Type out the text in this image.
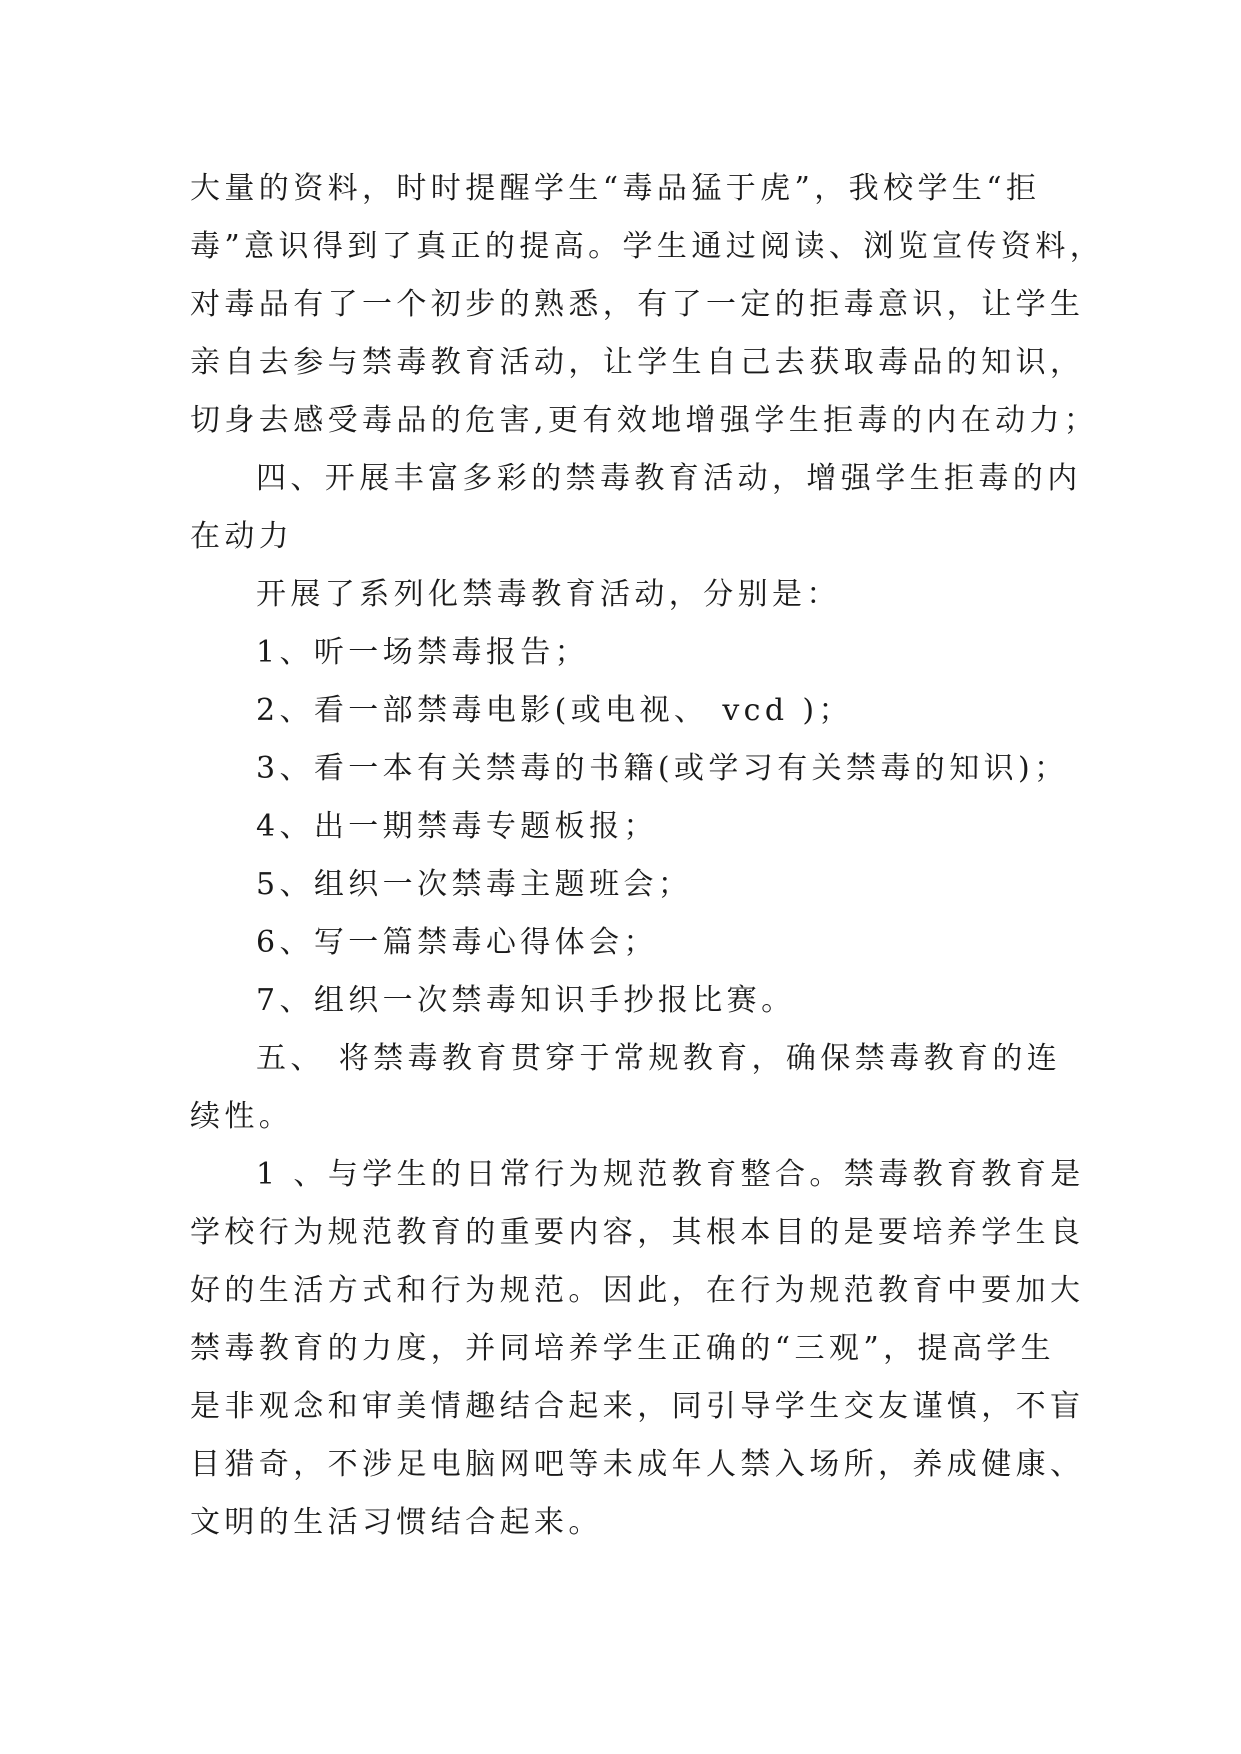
大量的资料，时时提醒学生“毒品猛于虎”，我校学生“拒
毒”意识得到了真正的提高。学生通过阅读、浏览宣传资料，
对毒品有了一个初步的熟悉，有了一定的拒毒意识，让学生
亲自去参与禁毒教育活动，让学生自己去获取毒品的知识，
切身去感受毒品的危害,更有效地增强学生拒毒的内在动力；
四、开展丰富多彩的禁毒教育活动，增强学生拒毒的内
在动力
开展了系列化禁毒教育活动，分别是：
1、听一场禁毒报告；
2、看一部禁毒电影(或电视、 vcd )；
3、看一本有关禁毒的书籍(或学习有关禁毒的知识)；
4、出一期禁毒专题板报；
5、组织一次禁毒主题班会；
6、写一篇禁毒心得体会；
7、组织一次禁毒知识手抄报比赛。
五、 将禁毒教育贯穿于常规教育，确保禁毒教育的连
续性。
1 、与学生的日常行为规范教育整合。禁毒教育教育是
学校行为规范教育的重要内容，其根本目的是要培养学生良
好的生活方式和行为规范。因此，在行为规范教育中要加大
禁毒教育的力度，并同培养学生正确的“三观”，提高学生
是非观念和审美情趣结合起来，同引导学生交友谨慎，不盲
目猎奇，不涉足电脑网吧等未成年人禁入场所，养成健康、
文明的生活习惯结合起来。
